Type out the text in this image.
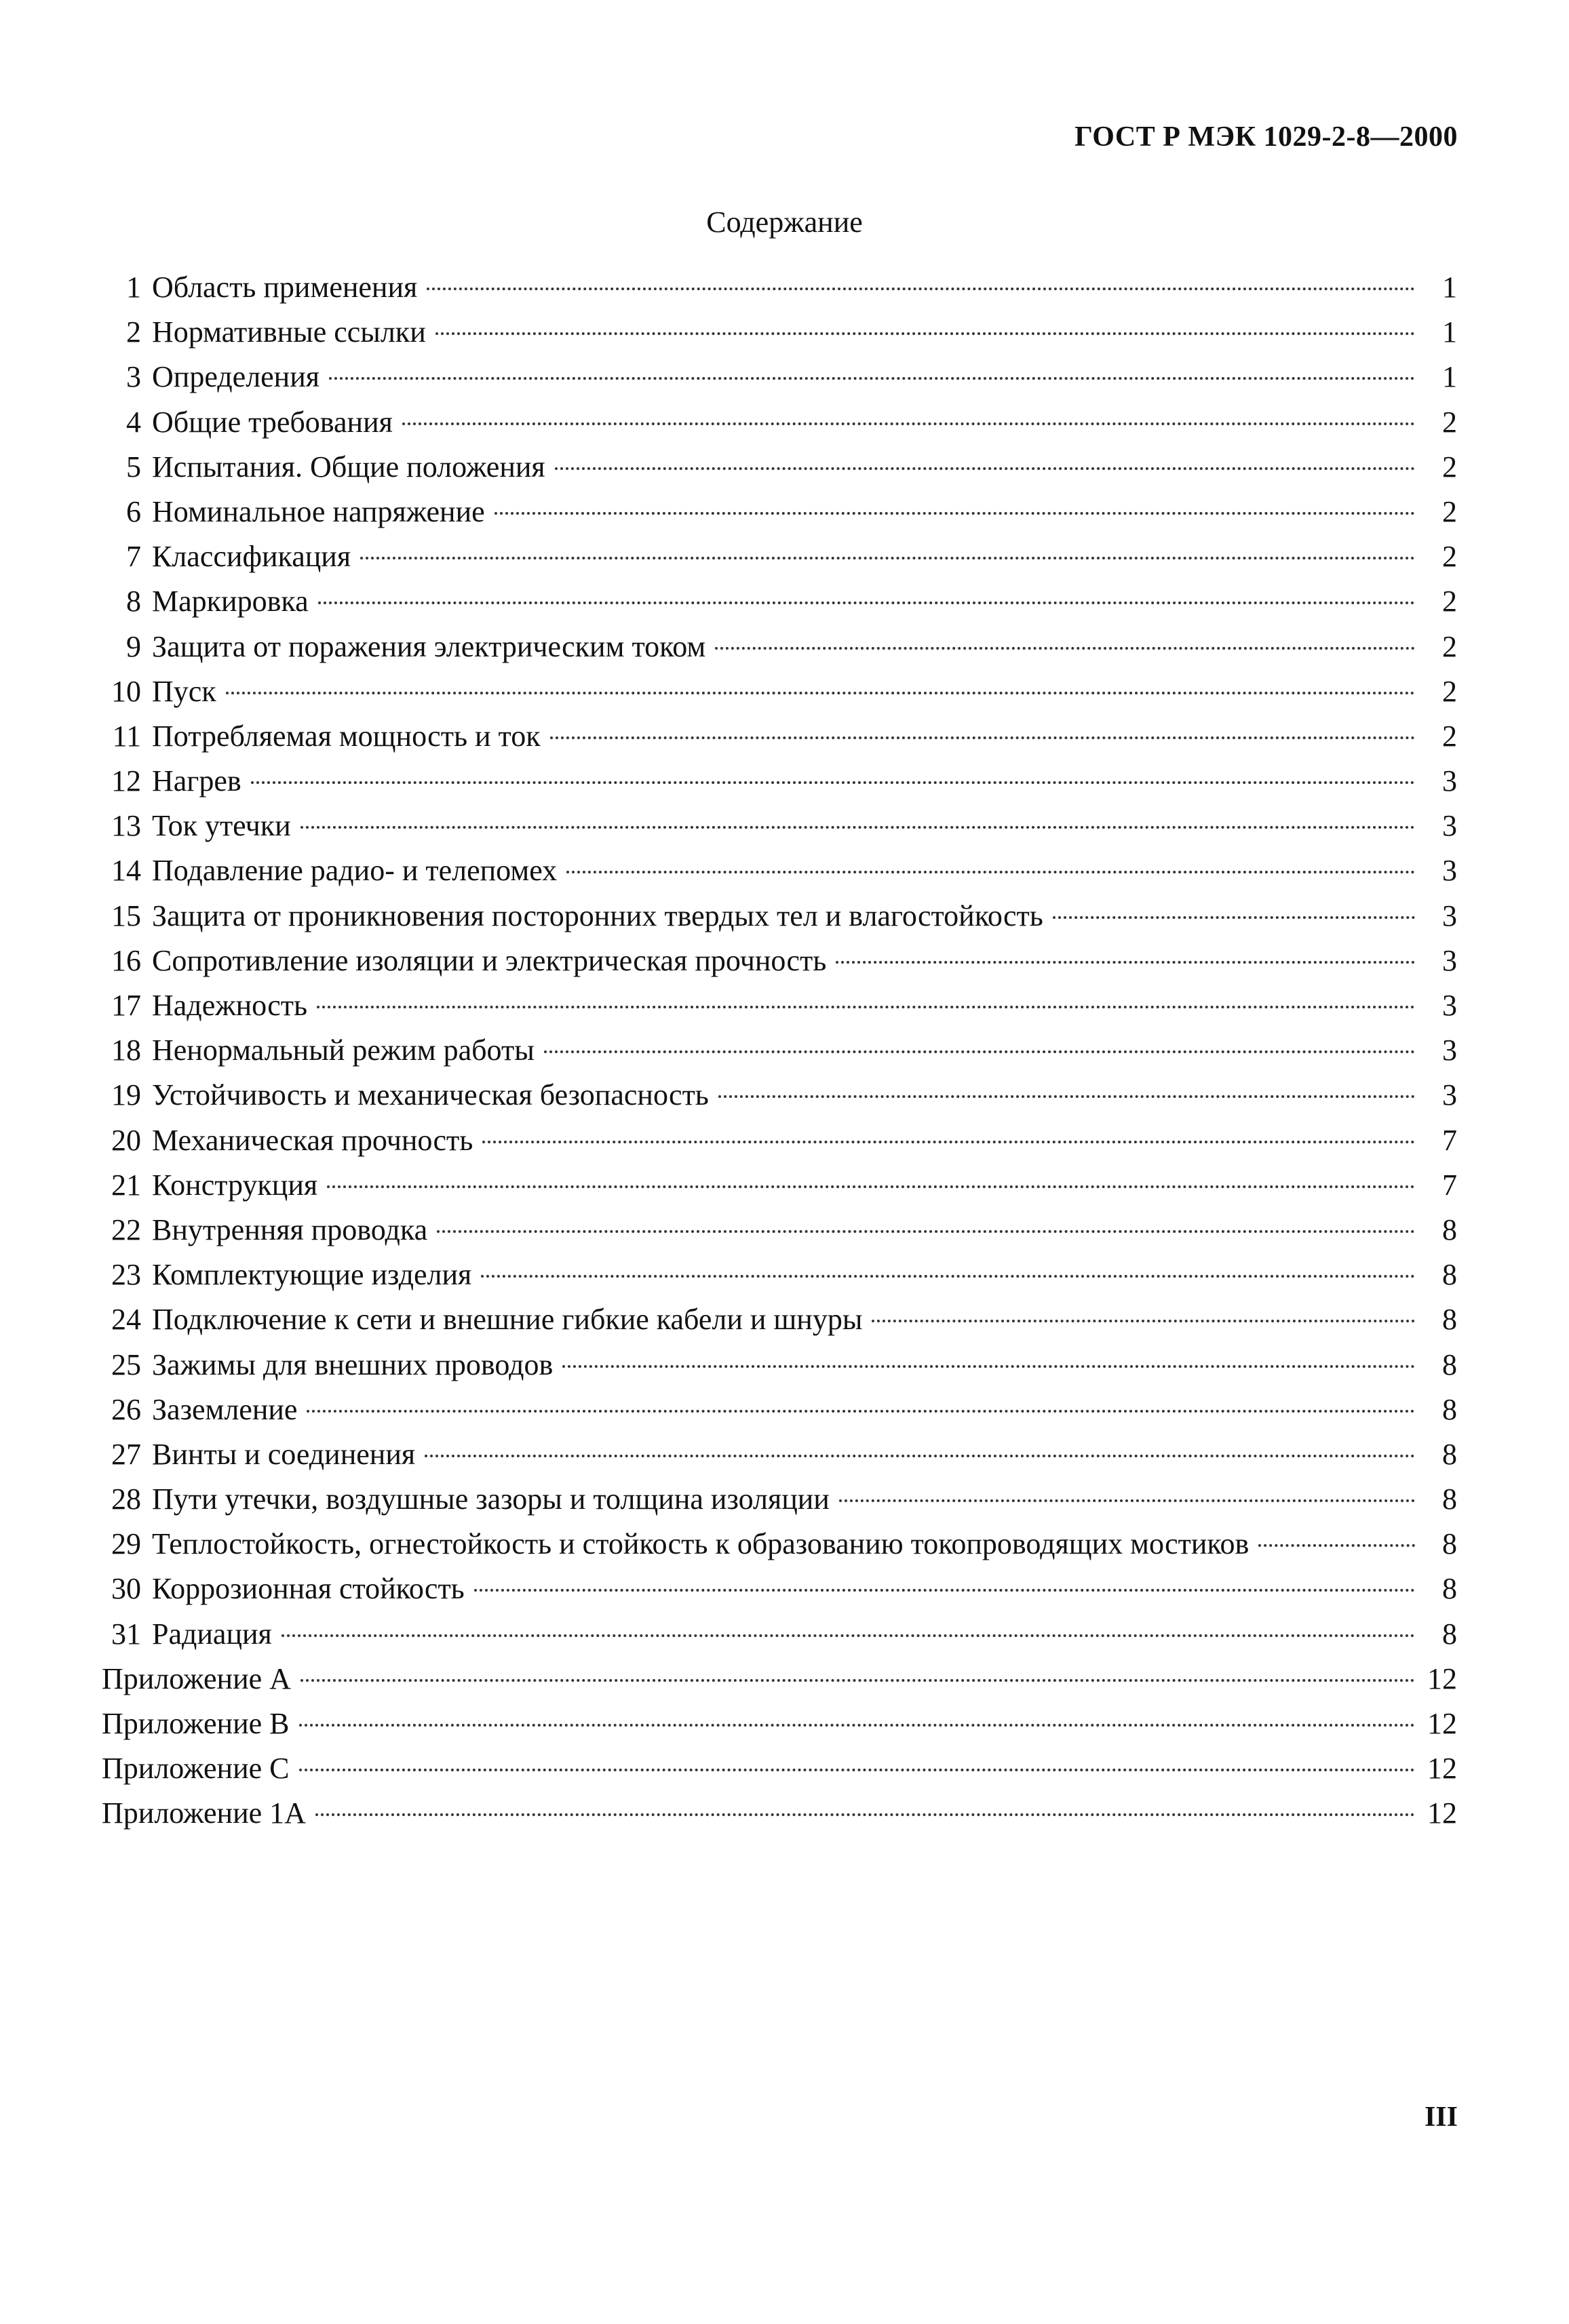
ГОСТ Р МЭК 1029-2-8—2000
Содержание
1 Область применения	1
2 Нормативные ссылки	1
3 Определения	1
4 Общие требования	2
5 Испытания. Общие положения	2
6 Номинальное напряжение	2
7 Классификация	2
8 Маркировка	2
9 Защита от поражения электрическим током	2
10 Пуск	2
11 Потребляемая мощность и ток	2
12 Нагрев	3
13 Ток утечки	3
14 Подавление радио- и телепомех	3
15 Защита от проникновения посторонних твердых тел и влагостойкость	3
16 Сопротивление изоляции и электрическая прочность	3
17 Надежность	3
18 Ненормальный режим работы	3
19 Устойчивость и механическая безопасность	3
20 Механическая прочность	7
21 Конструкция	7
22 Внутренняя проводка	8
23 Комплектующие изделия	8
24 Подключение к сети и внешние гибкие кабели и шнуры	8
25 Зажимы для внешних проводов	8
26 Заземление	8
27 Винты и соединения	8
28 Пути утечки, воздушные зазоры и толщина изоляции	8
29 Теплостойкость, огнестойкость и стойкость к образованию токопроводящих мостиков	8
30 Коррозионная стойкость	8
31 Радиация	8
Приложение А	12
Приложение В	12
Приложение С	12
Приложение 1А	12
III
